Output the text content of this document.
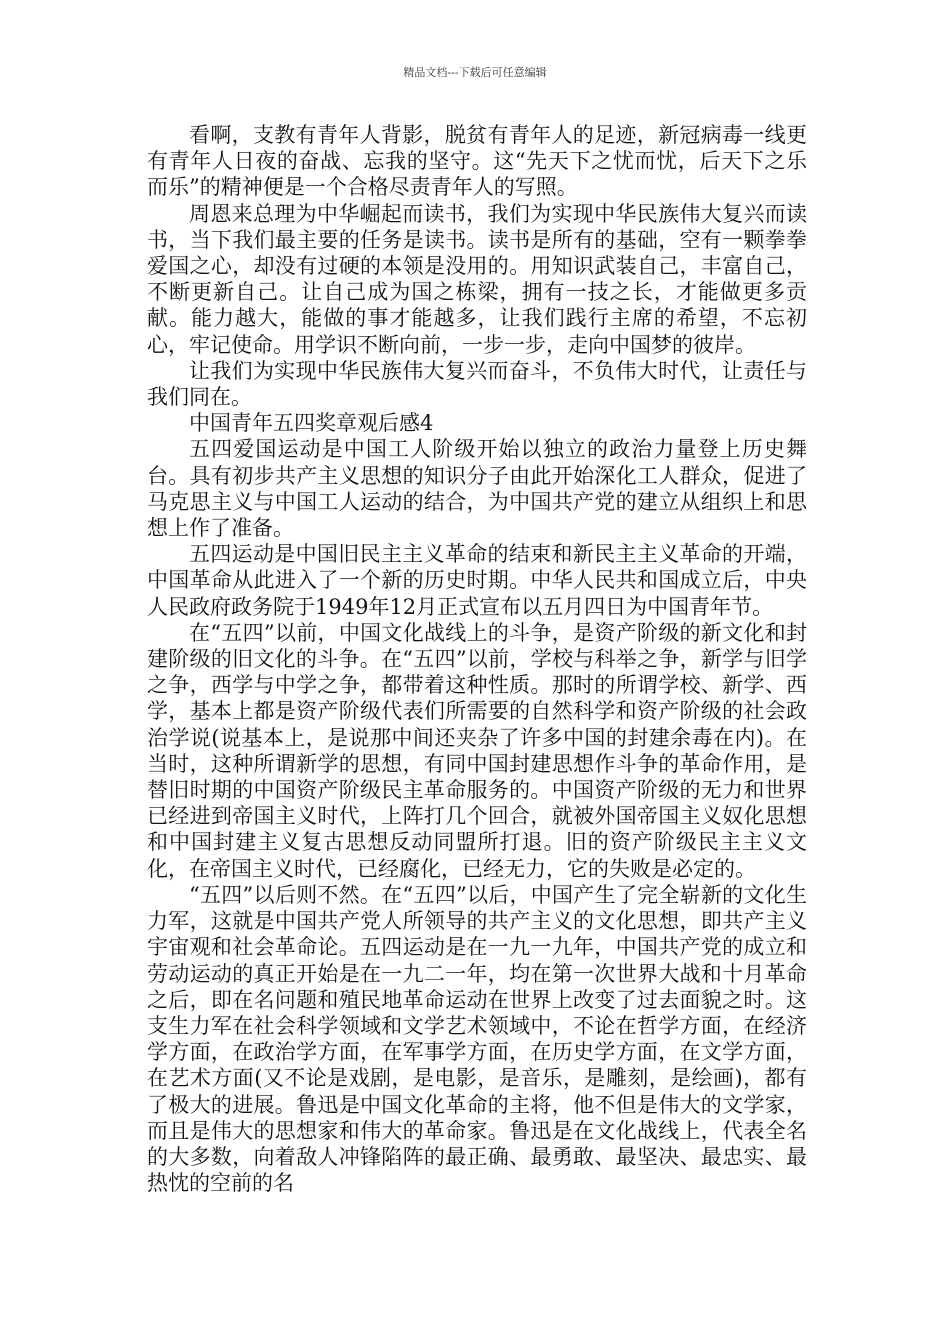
精品文档---下载后可任意编辑

看啊，支教有青年人背影，脱贫有青年人的足迹，新冠病毒一线更有青年人日夜的奋战、忘我的坚守。这“先天下之忧而忧，后天下之乐而乐”的精神便是一个合格尽责青年人的写照。

周恩来总理为中华崛起而读书，我们为实现中华民族伟大复兴而读书，当下我们最主要的任务是读书。读书是所有的基础，空有一颗拳拳爱国之心，却没有过硬的本领是没用的。用知识武装自己，丰富自己，不断更新自己。让自己成为国之栋梁，拥有一技之长，才能做更多贡献。能力越大，能做的事才能越多，让我们践行主席的希望，不忘初心，牢记使命。用学识不断向前，一步一步，走向中国梦的彼岸。

让我们为实现中华民族伟大复兴而奋斗，不负伟大时代，让责任与我们同在。

中国青年五四奖章观后感4

五四爱国运动是中国工人阶级开始以独立的政治力量登上历史舞台。具有初步共产主义思想的知识分子由此开始深化工人群众，促进了马克思主义与中国工人运动的结合，为中国共产党的建立从组织上和思想上作了准备。

五四运动是中国旧民主主义革命的结束和新民主主义革命的开端，中国革命从此进入了一个新的历史时期。中华人民共和国成立后，中央人民政府政务院于1949年12月正式宣布以五月四日为中国青年节。

在“五四”以前，中国文化战线上的斗争，是资产阶级的新文化和封建阶级的旧文化的斗争。在“五四”以前，学校与科举之争，新学与旧学之争，西学与中学之争，都带着这种性质。那时的所谓学校、新学、西学，基本上都是资产阶级代表们所需要的自然科学和资产阶级的社会政治学说(说基本上，是说那中间还夹杂了许多中国的封建余毒在内)。在当时，这种所谓新学的思想，有同中国封建思想作斗争的革命作用，是替旧时期的中国资产阶级民主革命服务的。中国资产阶级的无力和世界已经进到帝国主义时代，上阵打几个回合，就被外国帝国主义奴化思想和中国封建主义复古思想反动同盟所打退。旧的资产阶级民主主义文化，在帝国主义时代，已经腐化，已经无力，它的失败是必定的。

“五四”以后则不然。在“五四”以后，中国产生了完全崭新的文化生力军，这就是中国共产党人所领导的共产主义的文化思想，即共产主义宇宙观和社会革命论。五四运动是在一九一九年，中国共产党的成立和劳动运动的真正开始是在一九二一年，均在第一次世界大战和十月革命之后，即在名问题和殖民地革命运动在世界上改变了过去面貌之时。这支生力军在社会科学领域和文学艺术领域中，不论在哲学方面，在经济学方面，在政治学方面，在军事学方面，在历史学方面，在文学方面，在艺术方面(又不论是戏剧，是电影，是音乐，是雕刻，是绘画)，都有了极大的进展。鲁迅是中国文化革命的主将，他不但是伟大的文学家，而且是伟大的思想家和伟大的革命家。鲁迅是在文化战线上，代表全名的大多数，向着敌人冲锋陷阵的最正确、最勇敢、最坚决、最忠实、最热忱的空前的名
